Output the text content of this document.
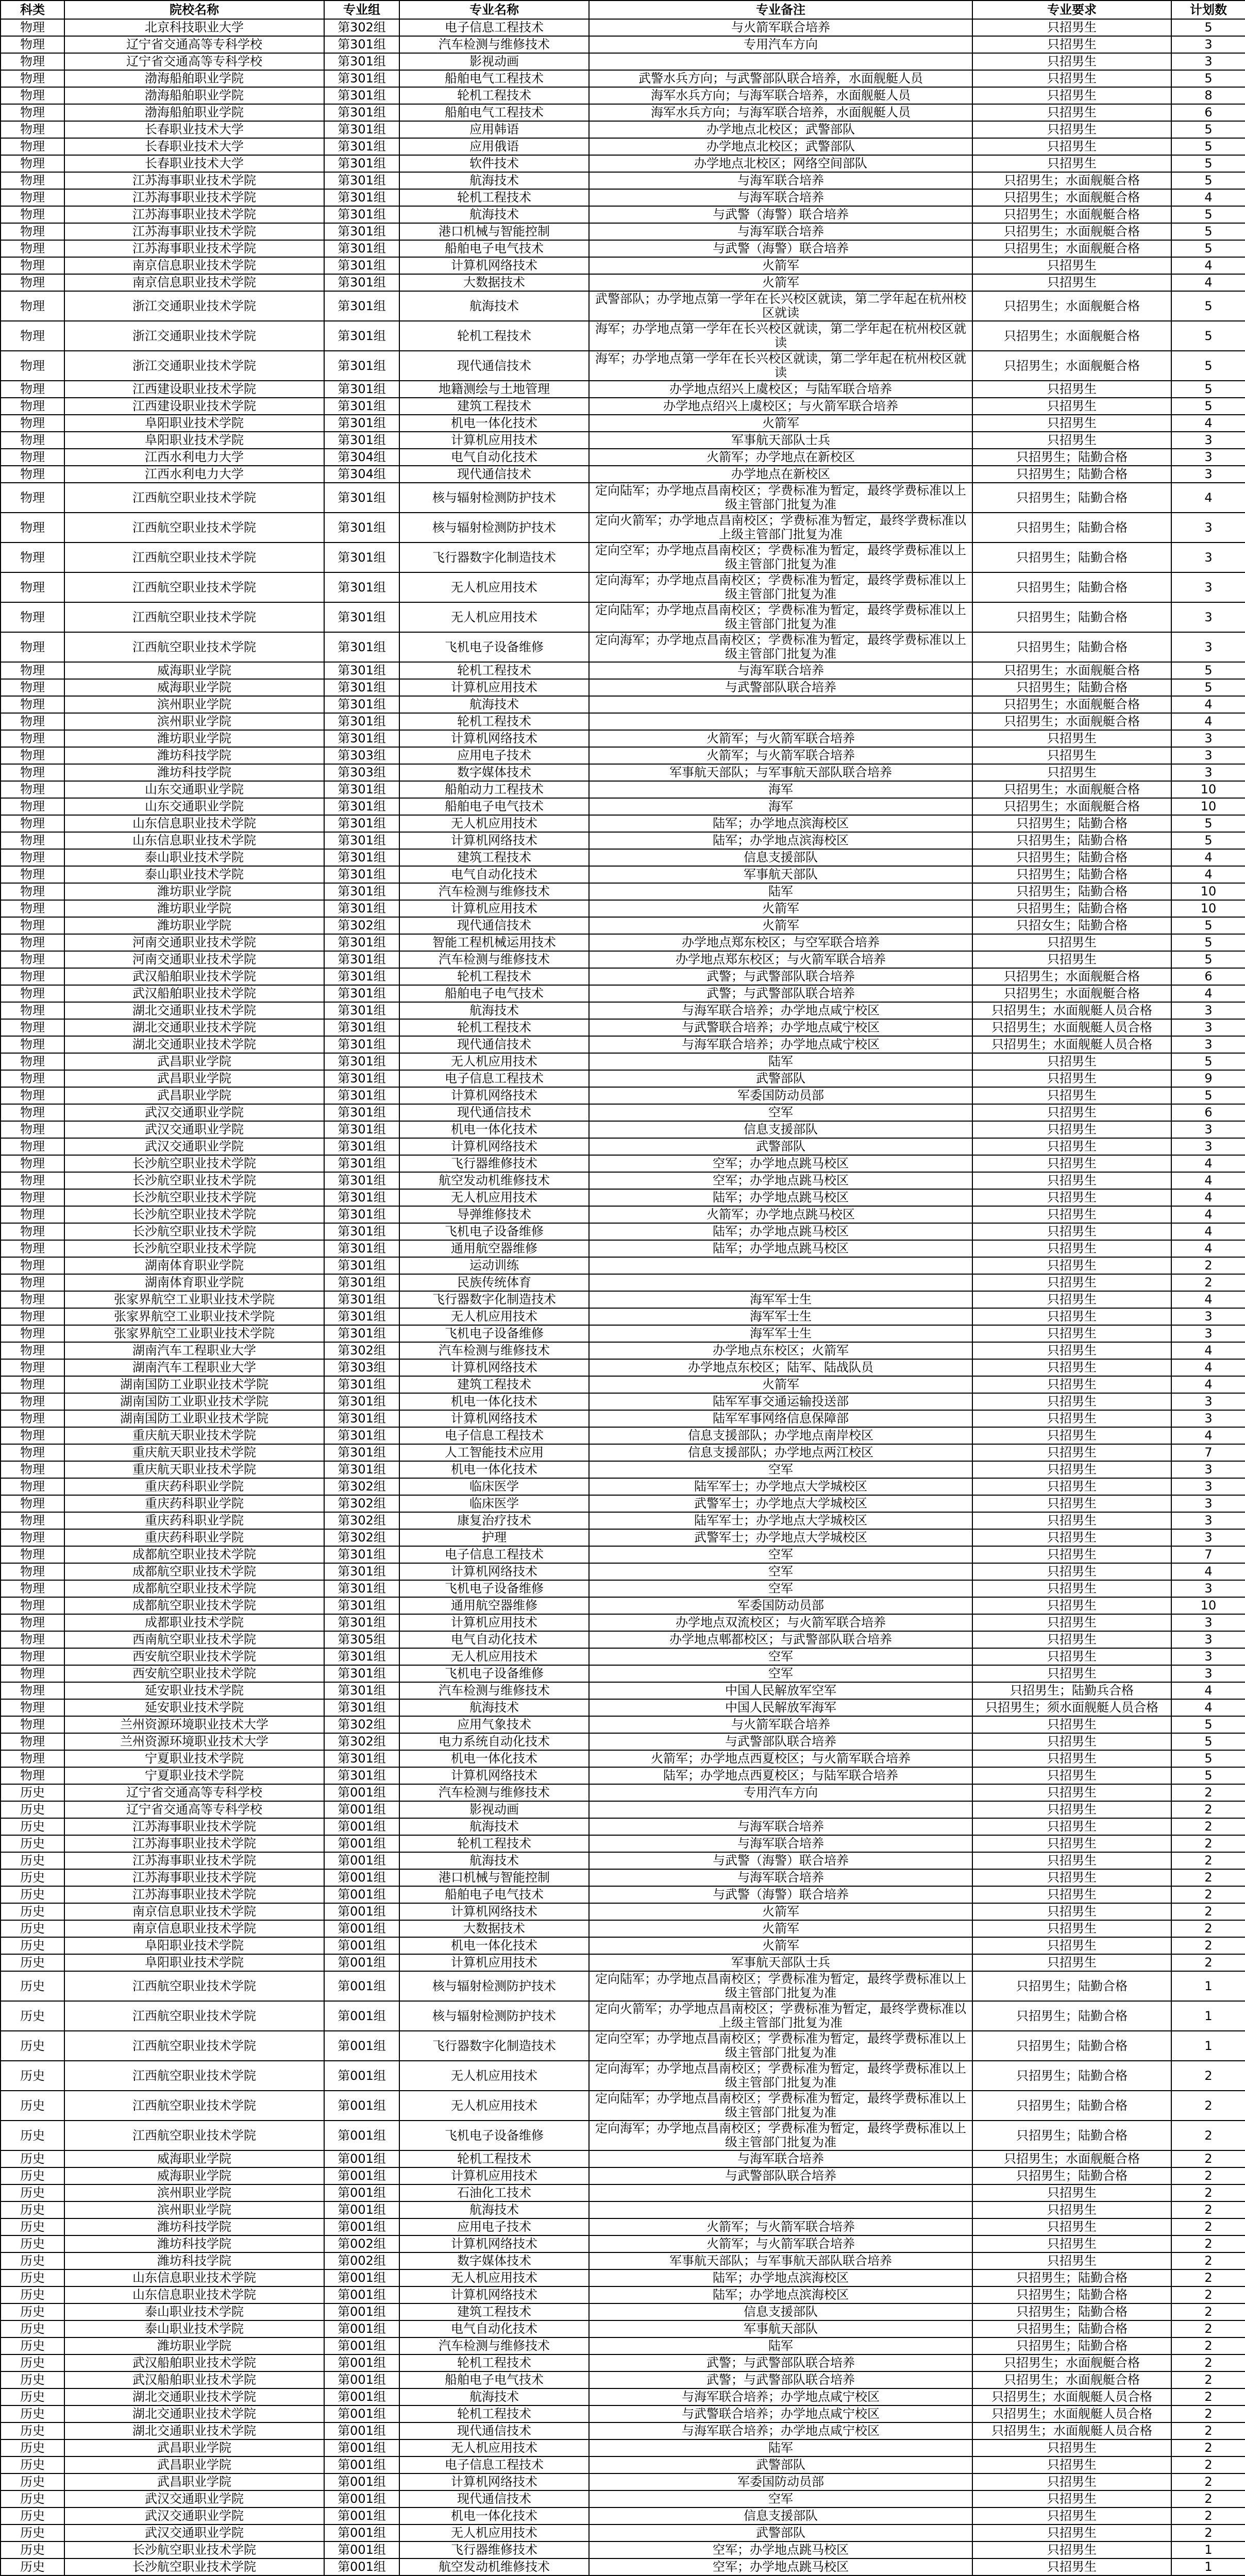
科类	院校名称	专业组	专业名称	专业备注	专业要求	计划数
物理	北京科技职业大学	第302组	电子信息工程技术	与火箭军联合培养	只招男生	5
物理	辽宁省交通高等专科学校	第301组	汽车检测与维修技术	专用汽车方向	只招男生	3
物理	辽宁省交通高等专科学校	第301组	影视动画		只招男生	3
物理	渤海船舶职业学院	第301组	船舶电气工程技术	武警水兵方向；与武警部队联合培养，水面舰艇人员	只招男生	5
物理	渤海船舶职业学院	第301组	轮机工程技术	海军水兵方向；与海军联合培养，水面舰艇人员	只招男生	8
物理	渤海船舶职业学院	第301组	船舶电气工程技术	海军水兵方向；与海军联合培养，水面舰艇人员	只招男生	6
物理	长春职业技术大学	第301组	应用韩语	办学地点北校区；武警部队	只招男生	5
物理	长春职业技术大学	第301组	应用俄语	办学地点北校区；武警部队	只招男生	5
物理	长春职业技术大学	第301组	软件技术	办学地点北校区；网络空间部队	只招男生	5
物理	江苏海事职业技术学院	第301组	航海技术	与海军联合培养	只招男生；水面舰艇合格	5
物理	江苏海事职业技术学院	第301组	轮机工程技术	与海军联合培养	只招男生；水面舰艇合格	4
物理	江苏海事职业技术学院	第301组	航海技术	与武警（海警）联合培养	只招男生；水面舰艇合格	5
物理	江苏海事职业技术学院	第301组	港口机械与智能控制	与海军联合培养	只招男生；水面舰艇合格	5
物理	江苏海事职业技术学院	第301组	船舶电子电气技术	与武警（海警）联合培养	只招男生；水面舰艇合格	5
物理	南京信息职业技术学院	第301组	计算机网络技术	火箭军	只招男生	4
物理	南京信息职业技术学院	第301组	大数据技术	火箭军	只招男生	4
物理	浙江交通职业技术学院	第301组	航海技术	武警部队；办学地点第一学年在长兴校区就读，第二学年起在杭州校区就读	只招男生；水面舰艇合格	5
物理	浙江交通职业技术学院	第301组	轮机工程技术	海军；办学地点第一学年在长兴校区就读，第二学年起在杭州校区就读	只招男生；水面舰艇合格	5
物理	浙江交通职业技术学院	第301组	现代通信技术	海军；办学地点第一学年在长兴校区就读，第二学年起在杭州校区就读	只招男生；水面舰艇合格	5
物理	江西建设职业技术学院	第301组	地籍测绘与土地管理	办学地点绍兴上虞校区；与陆军联合培养	只招男生	5
物理	江西建设职业技术学院	第301组	建筑工程技术	办学地点绍兴上虞校区；与火箭军联合培养	只招男生	5
物理	阜阳职业技术学院	第301组	机电一体化技术	火箭军	只招男生	4
物理	阜阳职业技术学院	第301组	计算机应用技术	军事航天部队士兵	只招男生	3
物理	江西水利电力大学	第304组	电气自动化技术	火箭军；办学地点在新校区	只招男生；陆勤合格	3
物理	江西水利电力大学	第304组	现代通信技术	办学地点在新校区	只招男生；陆勤合格	3
物理	江西航空职业技术学院	第301组	核与辐射检测防护技术	定向陆军；办学地点昌南校区；学费标准为暂定，最终学费标准以上级主管部门批复为准	只招男生；陆勤合格	4
物理	江西航空职业技术学院	第301组	核与辐射检测防护技术	定向火箭军；办学地点昌南校区；学费标准为暂定，最终学费标准以上级主管部门批复为准	只招男生；陆勤合格	3
物理	江西航空职业技术学院	第301组	飞行器数字化制造技术	定向空军；办学地点昌南校区；学费标准为暂定，最终学费标准以上级主管部门批复为准	只招男生；陆勤合格	3
物理	江西航空职业技术学院	第301组	无人机应用技术	定向海军；办学地点昌南校区；学费标准为暂定，最终学费标准以上级主管部门批复为准	只招男生；陆勤合格	3
物理	江西航空职业技术学院	第301组	无人机应用技术	定向陆军；办学地点昌南校区；学费标准为暂定，最终学费标准以上级主管部门批复为准	只招男生；陆勤合格	3
物理	江西航空职业技术学院	第301组	飞机电子设备维修	定向海军；办学地点昌南校区；学费标准为暂定，最终学费标准以上级主管部门批复为准	只招男生；陆勤合格	3
物理	威海职业学院	第301组	轮机工程技术	与海军联合培养	只招男生；水面舰艇合格	5
物理	威海职业学院	第301组	计算机应用技术	与武警部队联合培养	只招男生；陆勤合格	5
物理	滨州职业学院	第301组	航海技术		只招男生；水面舰艇合格	4
物理	滨州职业学院	第301组	轮机工程技术		只招男生；水面舰艇合格	4
物理	潍坊职业学院	第301组	计算机网络技术	火箭军；与火箭军联合培养	只招男生	3
物理	潍坊科技学院	第303组	应用电子技术	火箭军；与火箭军联合培养	只招男生	3
物理	潍坊科技学院	第303组	数字媒体技术	军事航天部队；与军事航天部队联合培养	只招男生	3
物理	山东交通职业学院	第301组	船舶动力工程技术	海军	只招男生；水面舰艇合格	10
物理	山东交通职业学院	第301组	船舶电子电气技术	海军	只招男生；水面舰艇合格	10
物理	山东信息职业技术学院	第301组	无人机应用技术	陆军；办学地点滨海校区	只招男生；陆勤合格	5
物理	山东信息职业技术学院	第301组	计算机网络技术	陆军；办学地点滨海校区	只招男生；陆勤合格	5
物理	泰山职业技术学院	第301组	建筑工程技术	信息支援部队	只招男生；陆勤合格	4
物理	泰山职业技术学院	第301组	电气自动化技术	军事航天部队	只招男生；陆勤合格	4
物理	潍坊职业学院	第301组	汽车检测与维修技术	陆军	只招男生；陆勤合格	10
物理	潍坊职业学院	第301组	计算机应用技术	火箭军	只招男生；陆勤合格	10
物理	潍坊职业学院	第302组	现代通信技术	火箭军	只招女生；陆勤合格	5
物理	河南交通职业技术学院	第301组	智能工程机械运用技术	办学地点郑东校区；与空军联合培养	只招男生	5
物理	河南交通职业技术学院	第301组	汽车检测与维修技术	办学地点郑东校区；与火箭军联合培养	只招男生	5
物理	武汉船舶职业技术学院	第301组	轮机工程技术	武警；与武警部队联合培养	只招男生；水面舰艇合格	6
物理	武汉船舶职业技术学院	第301组	船舶电子电气技术	武警；与武警部队联合培养	只招男生；水面舰艇合格	4
物理	湖北交通职业技术学院	第301组	航海技术	与海军联合培养；办学地点咸宁校区	只招男生；水面舰艇人员合格	3
物理	湖北交通职业技术学院	第301组	轮机工程技术	与武警联合培养；办学地点咸宁校区	只招男生；水面舰艇人员合格	3
物理	湖北交通职业技术学院	第301组	现代通信技术	与海军联合培养；办学地点咸宁校区	只招男生；水面舰艇人员合格	3
物理	武昌职业学院	第301组	无人机应用技术	陆军	只招男生	5
物理	武昌职业学院	第301组	电子信息工程技术	武警部队	只招男生	9
物理	武昌职业学院	第301组	计算机网络技术	军委国防动员部	只招男生	5
物理	武汉交通职业学院	第301组	现代通信技术	空军	只招男生	6
物理	武汉交通职业学院	第301组	机电一体化技术	信息支援部队	只招男生	3
物理	武汉交通职业学院	第301组	计算机网络技术	武警部队	只招男生	3
物理	长沙航空职业技术学院	第301组	飞行器维修技术	空军；办学地点跳马校区	只招男生	4
物理	长沙航空职业技术学院	第301组	航空发动机维修技术	空军；办学地点跳马校区	只招男生	4
物理	长沙航空职业技术学院	第301组	无人机应用技术	陆军；办学地点跳马校区	只招男生	4
物理	长沙航空职业技术学院	第301组	导弹维修技术	火箭军；办学地点跳马校区	只招男生	4
物理	长沙航空职业技术学院	第301组	飞机电子设备维修	陆军；办学地点跳马校区	只招男生	4
物理	长沙航空职业技术学院	第301组	通用航空器维修	陆军；办学地点跳马校区	只招男生	4
物理	湖南体育职业学院	第301组	运动训练		只招男生	2
物理	湖南体育职业学院	第301组	民族传统体育		只招男生	2
物理	张家界航空工业职业技术学院	第301组	飞行器数字化制造技术	海军军士生	只招男生	4
物理	张家界航空工业职业技术学院	第301组	无人机应用技术	海军军士生	只招男生	3
物理	张家界航空工业职业技术学院	第301组	飞机电子设备维修	海军军士生	只招男生	3
物理	湖南汽车工程职业大学	第302组	汽车检测与维修技术	办学地点东校区；火箭军	只招男生	4
物理	湖南汽车工程职业大学	第303组	计算机网络技术	办学地点东校区；陆军、陆战队员	只招男生	4
物理	湖南国防工业职业技术学院	第301组	建筑工程技术	火箭军	只招男生	4
物理	湖南国防工业职业技术学院	第301组	机电一体化技术	陆军军事交通运输投送部	只招男生	3
物理	湖南国防工业职业技术学院	第301组	计算机网络技术	陆军军事网络信息保障部	只招男生	3
物理	重庆航天职业技术学院	第301组	电子信息工程技术	信息支援部队；办学地点南岸校区	只招男生	4
物理	重庆航天职业技术学院	第301组	人工智能技术应用	信息支援部队；办学地点两江校区	只招男生	7
物理	重庆航天职业技术学院	第301组	机电一体化技术	空军	只招男生	3
物理	重庆药科职业学院	第302组	临床医学	陆军军士；办学地点大学城校区	只招男生	3
物理	重庆药科职业学院	第302组	临床医学	武警军士；办学地点大学城校区	只招男生	3
物理	重庆药科职业学院	第302组	康复治疗技术	陆军军士；办学地点大学城校区	只招男生	3
物理	重庆药科职业学院	第302组	护理	武警军士；办学地点大学城校区	只招男生	3
物理	成都航空职业技术学院	第301组	电子信息工程技术	空军	只招男生	7
物理	成都航空职业技术学院	第301组	计算机网络技术	空军	只招男生	4
物理	成都航空职业技术学院	第301组	飞机电子设备维修	空军	只招男生	3
物理	成都航空职业技术学院	第301组	通用航空器维修	军委国防动员部	只招男生	10
物理	成都职业技术学院	第301组	计算机应用技术	办学地点双流校区；与火箭军联合培养	只招男生	3
物理	西南航空职业技术学院	第305组	电气自动化技术	办学地点郫都校区；与武警部队联合培养	只招男生	3
物理	西安航空职业技术学院	第301组	无人机应用技术	空军	只招男生	3
物理	西安航空职业技术学院	第301组	飞机电子设备维修	空军	只招男生	3
物理	延安职业技术学院	第301组	汽车检测与维修技术	中国人民解放军空军	只招男生；陆勤兵合格	4
物理	延安职业技术学院	第301组	航海技术	中国人民解放军海军	只招男生；须水面舰艇人员合格	4
物理	兰州资源环境职业技术大学	第302组	应用气象技术	与火箭军联合培养	只招男生	5
物理	兰州资源环境职业技术大学	第302组	电力系统自动化技术	与武警部队联合培养	只招男生	5
物理	宁夏职业技术学院	第301组	机电一体化技术	火箭军；办学地点西夏校区；与火箭军联合培养	只招男生	5
物理	宁夏职业技术学院	第301组	计算机网络技术	陆军；办学地点西夏校区；与陆军联合培养	只招男生	5
历史	辽宁省交通高等专科学校	第001组	汽车检测与维修技术	专用汽车方向	只招男生	2
历史	辽宁省交通高等专科学校	第001组	影视动画		只招男生	2
历史	江苏海事职业技术学院	第001组	航海技术	与海军联合培养	只招男生	2
历史	江苏海事职业技术学院	第001组	轮机工程技术	与海军联合培养	只招男生	2
历史	江苏海事职业技术学院	第001组	航海技术	与武警（海警）联合培养	只招男生	2
历史	江苏海事职业技术学院	第001组	港口机械与智能控制	与海军联合培养	只招男生	2
历史	江苏海事职业技术学院	第001组	船舶电子电气技术	与武警（海警）联合培养	只招男生	2
历史	南京信息职业技术学院	第001组	计算机网络技术	火箭军	只招男生	2
历史	南京信息职业技术学院	第001组	大数据技术	火箭军	只招男生	2
历史	阜阳职业技术学院	第001组	机电一体化技术	火箭军	只招男生	2
历史	阜阳职业技术学院	第001组	计算机应用技术	军事航天部队士兵	只招男生	2
历史	江西航空职业技术学院	第001组	核与辐射检测防护技术	定向陆军；办学地点昌南校区；学费标准为暂定，最终学费标准以上级主管部门批复为准	只招男生；陆勤合格	1
历史	江西航空职业技术学院	第001组	核与辐射检测防护技术	定向火箭军；办学地点昌南校区；学费标准为暂定，最终学费标准以上级主管部门批复为准	只招男生；陆勤合格	1
历史	江西航空职业技术学院	第001组	飞行器数字化制造技术	定向空军；办学地点昌南校区；学费标准为暂定，最终学费标准以上级主管部门批复为准	只招男生；陆勤合格	1
历史	江西航空职业技术学院	第001组	无人机应用技术	定向海军；办学地点昌南校区；学费标准为暂定，最终学费标准以上级主管部门批复为准	只招男生；陆勤合格	2
历史	江西航空职业技术学院	第001组	无人机应用技术	定向陆军；办学地点昌南校区；学费标准为暂定，最终学费标准以上级主管部门批复为准	只招男生；陆勤合格	2
历史	江西航空职业技术学院	第001组	飞机电子设备维修	定向海军；办学地点昌南校区；学费标准为暂定，最终学费标准以上级主管部门批复为准	只招男生；陆勤合格	2
历史	威海职业学院	第001组	轮机工程技术	与海军联合培养	只招男生；水面舰艇合格	2
历史	威海职业学院	第001组	计算机应用技术	与武警部队联合培养	只招男生；陆勤合格	2
历史	滨州职业学院	第001组	石油化工技术		只招男生	2
历史	滨州职业学院	第001组	航海技术		只招男生	2
历史	潍坊科技学院	第001组	应用电子技术	火箭军；与火箭军联合培养	只招男生	2
历史	潍坊科技学院	第002组	计算机网络技术	火箭军；与火箭军联合培养	只招男生	2
历史	潍坊科技学院	第002组	数字媒体技术	军事航天部队；与军事航天部队联合培养	只招男生	2
历史	山东信息职业技术学院	第001组	无人机应用技术	陆军；办学地点滨海校区	只招男生；陆勤合格	2
历史	山东信息职业技术学院	第001组	计算机网络技术	陆军；办学地点滨海校区	只招男生；陆勤合格	2
历史	泰山职业技术学院	第001组	建筑工程技术	信息支援部队	只招男生；陆勤合格	2
历史	泰山职业技术学院	第001组	电气自动化技术	军事航天部队	只招男生；陆勤合格	2
历史	潍坊职业学院	第001组	汽车检测与维修技术	陆军	只招男生；陆勤合格	2
历史	武汉船舶职业技术学院	第001组	轮机工程技术	武警；与武警部队联合培养	只招男生；水面舰艇合格	2
历史	武汉船舶职业技术学院	第001组	船舶电子电气技术	武警；与武警部队联合培养	只招男生；水面舰艇合格	2
历史	湖北交通职业技术学院	第001组	航海技术	与海军联合培养；办学地点咸宁校区	只招男生；水面舰艇人员合格	2
历史	湖北交通职业技术学院	第001组	轮机工程技术	与武警联合培养；办学地点咸宁校区	只招男生；水面舰艇人员合格	2
历史	湖北交通职业技术学院	第001组	现代通信技术	与海军联合培养；办学地点咸宁校区	只招男生；水面舰艇人员合格	2
历史	武昌职业学院	第001组	无人机应用技术	陆军	只招男生	2
历史	武昌职业学院	第001组	电子信息工程技术	武警部队	只招男生	2
历史	武昌职业学院	第001组	计算机网络技术	军委国防动员部	只招男生	2
历史	武汉交通职业学院	第001组	现代通信技术	空军	只招男生	2
历史	武汉交通职业学院	第001组	机电一体化技术	信息支援部队	只招男生	2
历史	武汉交通职业学院	第001组	无人机应用技术	武警部队	只招男生	2
历史	长沙航空职业技术学院	第001组	飞行器维修技术	空军；办学地点跳马校区	只招男生	1
历史	长沙航空职业技术学院	第001组	航空发动机维修技术	空军；办学地点跳马校区	只招男生	1
